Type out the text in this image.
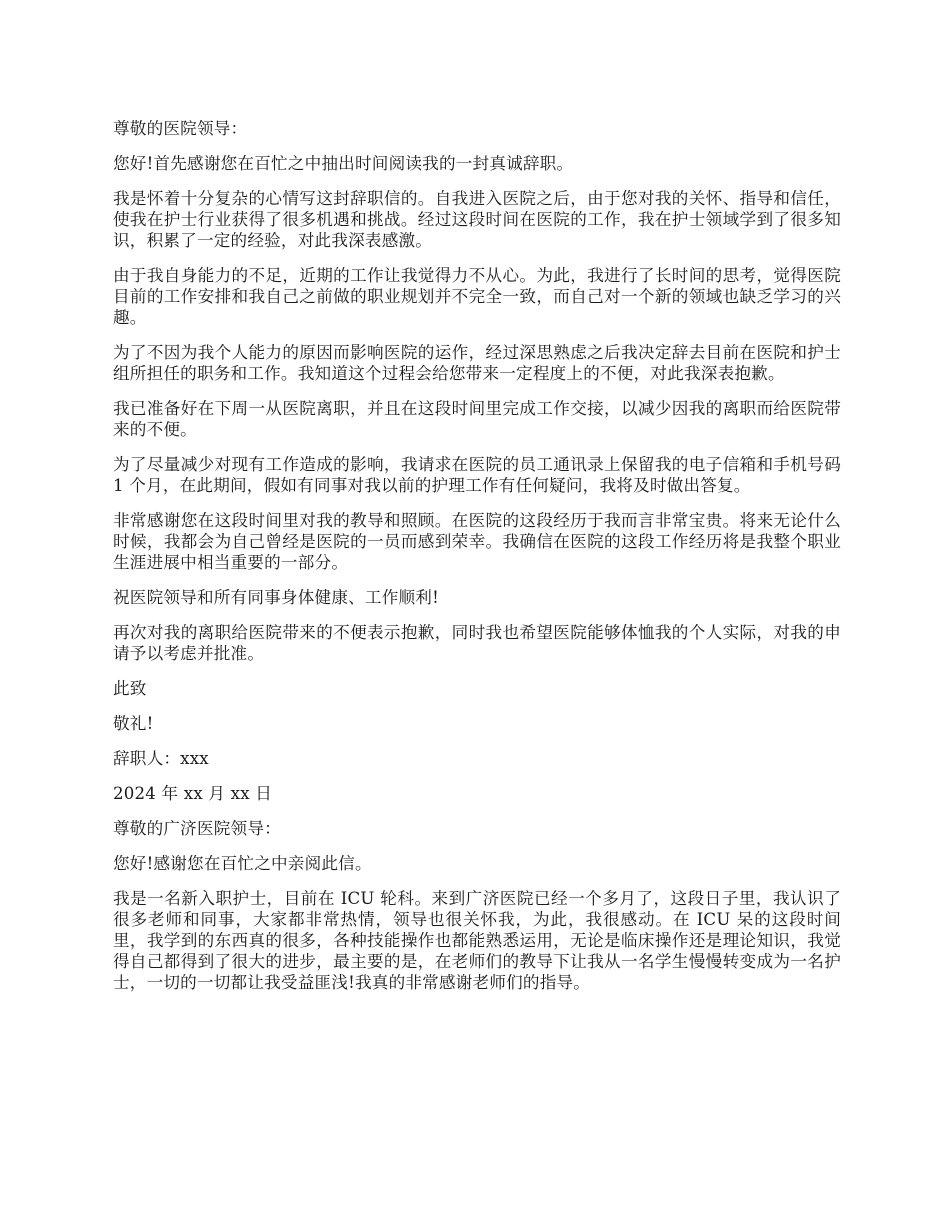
尊敬的医院领导：

您好!首先感谢您在百忙之中抽出时间阅读我的一封真诚辞职。

我是怀着十分复杂的心情写这封辞职信的。自我进入医院之后，由于您对我的关怀、指导和信任，使我在护士行业获得了很多机遇和挑战。经过这段时间在医院的工作，我在护士领域学到了很多知识，积累了一定的经验，对此我深表感激。

由于我自身能力的不足，近期的工作让我觉得力不从心。为此，我进行了长时间的思考，觉得医院目前的工作安排和我自己之前做的职业规划并不完全一致，而自己对一个新的领域也缺乏学习的兴趣。

为了不因为我个人能力的原因而影响医院的运作，经过深思熟虑之后我决定辞去目前在医院和护士组所担任的职务和工作。我知道这个过程会给您带来一定程度上的不便，对此我深表抱歉。

我已准备好在下周一从医院离职，并且在这段时间里完成工作交接，以减少因我的离职而给医院带来的不便。

为了尽量减少对现有工作造成的影响，我请求在医院的员工通讯录上保留我的电子信箱和手机号码 1 个月，在此期间，假如有同事对我以前的护理工作有任何疑问，我将及时做出答复。

非常感谢您在这段时间里对我的教导和照顾。在医院的这段经历于我而言非常宝贵。将来无论什么时候，我都会为自己曾经是医院的一员而感到荣幸。我确信在医院的这段工作经历将是我整个职业生涯进展中相当重要的一部分。

祝医院领导和所有同事身体健康、工作顺利!

再次对我的离职给医院带来的不便表示抱歉，同时我也希望医院能够体恤我的个人实际，对我的申请予以考虑并批准。

此致

敬礼!

辞职人：xxx

2024 年 xx 月 xx 日

尊敬的广济医院领导：

您好!感谢您在百忙之中亲阅此信。

我是一名新入职护士，目前在 ICU 轮科。来到广济医院已经一个多月了，这段日子里，我认识了很多老师和同事，大家都非常热情，领导也很关怀我，为此，我很感动。在 ICU 呆的这段时间里，我学到的东西真的很多，各种技能操作也都能熟悉运用，无论是临床操作还是理论知识，我觉得自己都得到了很大的进步，最主要的是，在老师们的教导下让我从一名学生慢慢转变成为一名护士，一切的一切都让我受益匪浅!我真的非常感谢老师们的指导。
